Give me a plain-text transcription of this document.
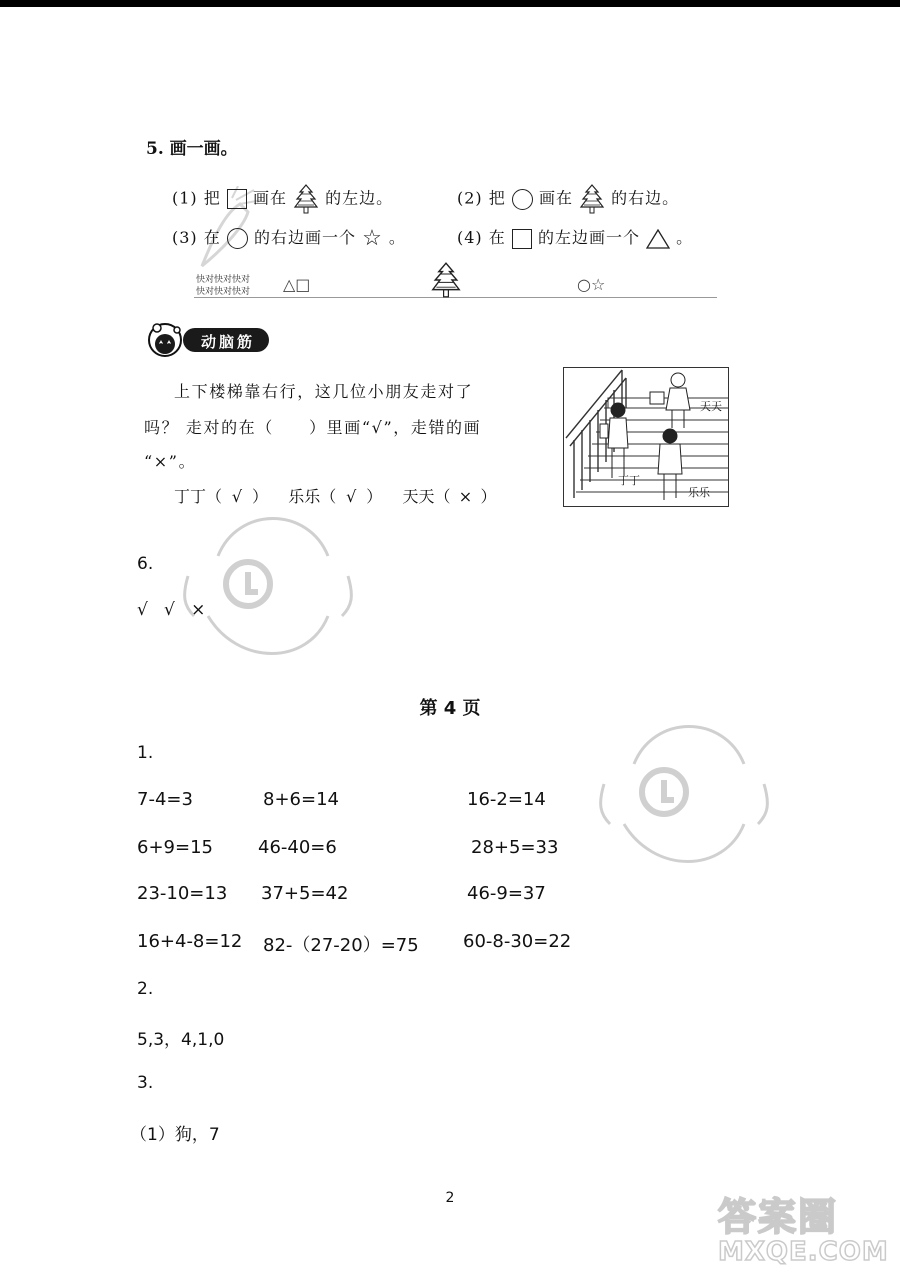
5. 画一画。
(1) 把 画在 的左边。	(2) 把 画在 的右边。
(3) 在 的右边画一个 ☆ 。	(4) 在 的左边画一个 。
快对快对快对
快对快对快对 △□	○☆
动脑筋
上下楼梯靠右行，这几位小朋友走对了
吗？ 走对的在（　　）里画“√”，走错的画
“×”。
丁丁（ √ ） 乐乐（ √ ） 天天（ × ）
天天
丁丁
乐乐
6.
√   √   ×
第 4 页
1.
7-4=3	8+6=14	16-2=14
6+9=15	46-40=6	28+5=33
23-10=13 37+5=42	46-9=37
16+4-8=12 82-（27-20）=75 60-8-30=22
2.
5,3，4,1,0
3.
（1）狗，7
2	答案圈
MXQE.COM
